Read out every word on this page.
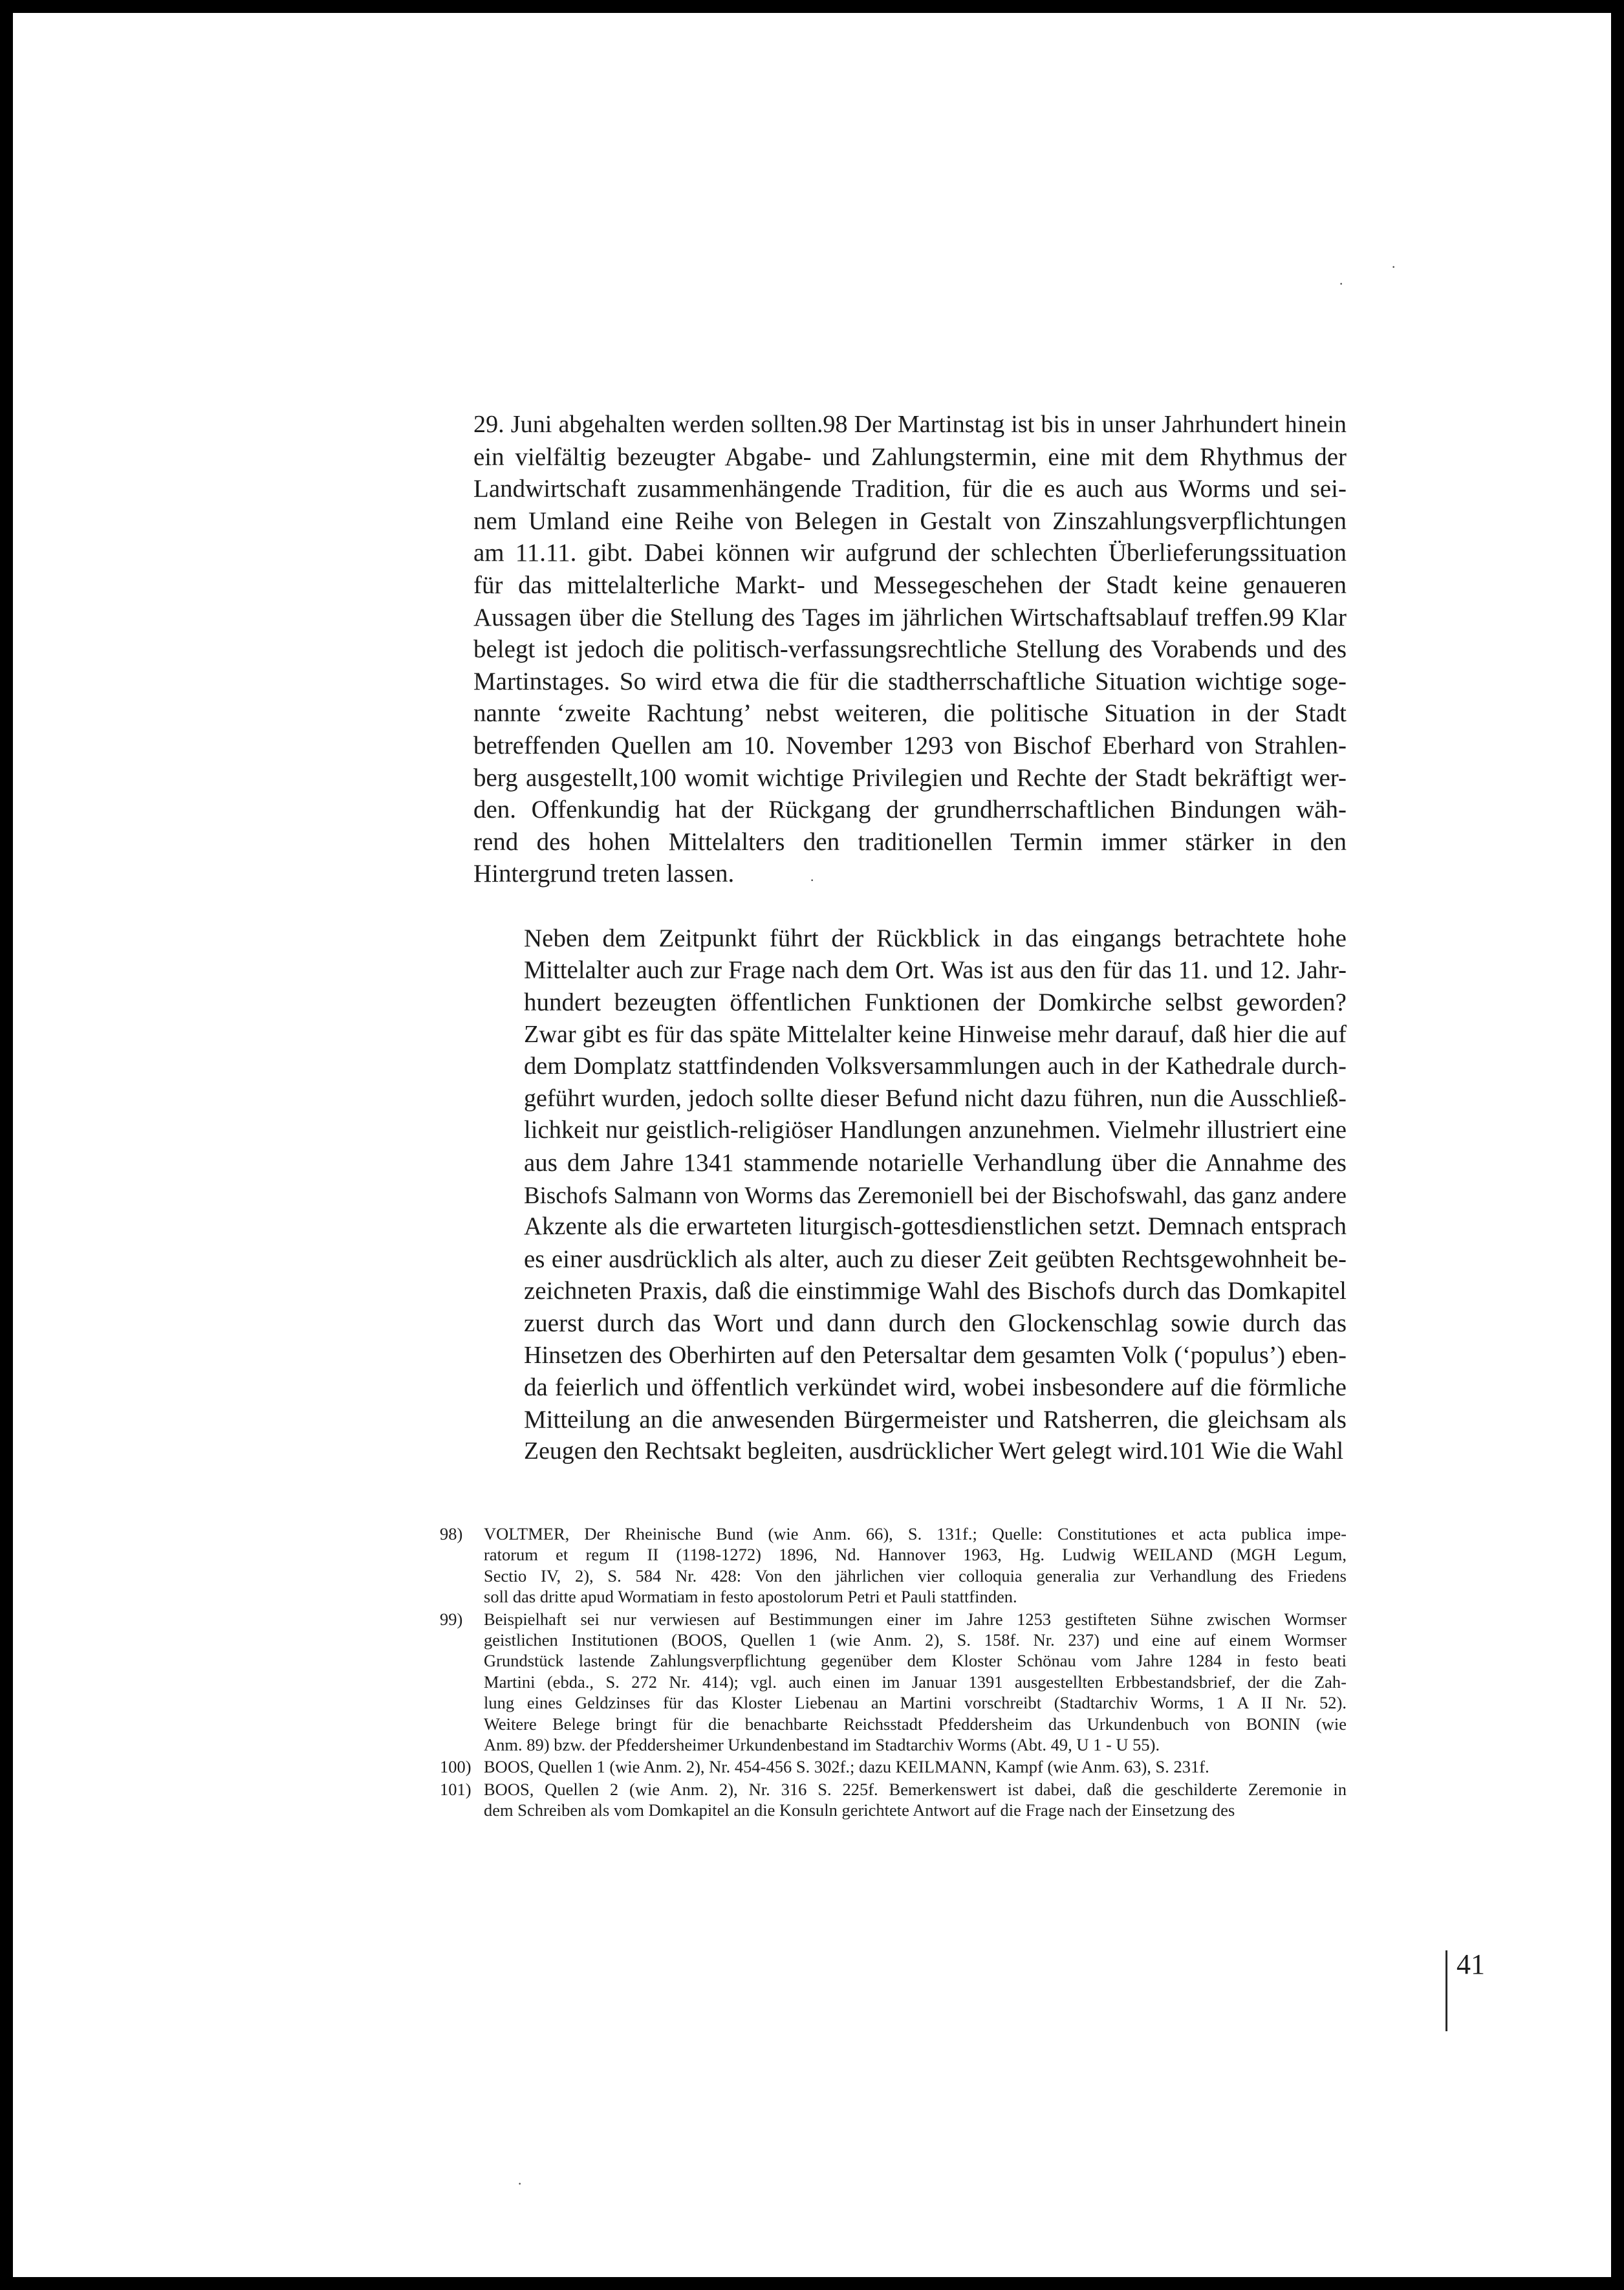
·
·
·
·

29. Juni abgehalten werden sollten.98 Der Martinstag ist bis in unser Jahrhundert hinein
ein vielfältig bezeugter Abgabe- und Zahlungstermin, eine mit dem Rhythmus der
Landwirtschaft zusammenhängende Tradition, für die es auch aus Worms und sei-
nem Umland eine Reihe von Belegen in Gestalt von Zinszahlungsverpflichtungen
am 11.11. gibt. Dabei können wir aufgrund der schlechten Überlieferungssituation
für das mittelalterliche Markt- und Messegeschehen der Stadt keine genaueren
Aussagen über die Stellung des Tages im jährlichen Wirtschaftsablauf treffen.99 Klar
belegt ist jedoch die politisch-verfassungsrechtliche Stellung des Vorabends und des
Martinstages. So wird etwa die für die stadtherrschaftliche Situation wichtige soge-
nannte ‘zweite Rachtung’ nebst weiteren, die politische Situation in der Stadt
betreffenden Quellen am 10. November 1293 von Bischof Eberhard von Strahlen-
berg ausgestellt,100 womit wichtige Privilegien und Rechte der Stadt bekräftigt wer-
den. Offenkundig hat der Rückgang der grundherrschaftlichen Bindungen wäh-
rend des hohen Mittelalters den traditionellen Termin immer stärker in den
Hintergrund treten lassen.

Neben dem Zeitpunkt führt der Rückblick in das eingangs betrachtete hohe
Mittelalter auch zur Frage nach dem Ort. Was ist aus den für das 11. und 12. Jahr-
hundert bezeugten öffentlichen Funktionen der Domkirche selbst geworden?
Zwar gibt es für das späte Mittelalter keine Hinweise mehr darauf, daß hier die auf
dem Domplatz stattfindenden Volksversammlungen auch in der Kathedrale durch-
geführt wurden, jedoch sollte dieser Befund nicht dazu führen, nun die Ausschließ-
lichkeit nur geistlich-religiöser Handlungen anzunehmen. Vielmehr illustriert eine
aus dem Jahre 1341 stammende notarielle Verhandlung über die Annahme des
Bischofs Salmann von Worms das Zeremoniell bei der Bischofswahl, das ganz andere
Akzente als die erwarteten liturgisch-gottesdienstlichen setzt. Demnach entsprach
es einer ausdrücklich als alter, auch zu dieser Zeit geübten Rechtsgewohnheit be-
zeichneten Praxis, daß die einstimmige Wahl des Bischofs durch das Domkapitel
zuerst durch das Wort und dann durch den Glockenschlag sowie durch das
Hinsetzen des Oberhirten auf den Petersaltar dem gesamten Volk (‘populus’) eben-
da feierlich und öffentlich verkündet wird, wobei insbesondere auf die förmliche
Mitteilung an die anwesenden Bürgermeister und Ratsherren, die gleichsam als
Zeugen den Rechtsakt begleiten, ausdrücklicher Wert gelegt wird.101 Wie die Wahl

98)	VOLTMER, Der Rheinische Bund (wie Anm. 66), S. 131f.; Quelle: Constitutiones et acta publica impe-
ratorum et regum II (1198-1272) 1896, Nd. Hannover 1963, Hg. Ludwig WEILAND (MGH Legum,
Sectio IV, 2), S. 584 Nr. 428: Von den jährlichen vier colloquia generalia zur Verhandlung des Friedens
soll das dritte apud Wormatiam in festo apostolorum Petri et Pauli stattfinden.
99)	Beispielhaft sei nur verwiesen auf Bestimmungen einer im Jahre 1253 gestifteten Sühne zwischen Wormser
geistlichen Institutionen (BOOS, Quellen 1 (wie Anm. 2), S. 158f. Nr. 237) und eine auf einem Wormser
Grundstück lastende Zahlungsverpflichtung gegenüber dem Kloster Schönau vom Jahre 1284 in festo beati
Martini (ebda., S. 272 Nr. 414); vgl. auch einen im Januar 1391 ausgestellten Erbbestandsbrief, der die Zah-
lung eines Geldzinses für das Kloster Liebenau an Martini vorschreibt (Stadtarchiv Worms, 1 A II Nr. 52).
Weitere Belege bringt für die benachbarte Reichsstadt Pfeddersheim das Urkundenbuch von BONIN (wie
Anm. 89) bzw. der Pfeddersheimer Urkundenbestand im Stadtarchiv Worms (Abt. 49, U 1 - U 55).
100) BOOS, Quellen 1 (wie Anm. 2), Nr. 454-456 S. 302f.; dazu KEILMANN, Kampf (wie Anm. 63), S. 231f.
101) BOOS, Quellen 2 (wie Anm. 2), Nr. 316 S. 225f. Bemerkenswert ist dabei, daß die geschilderte Zeremonie in
dem Schreiben als vom Domkapitel an die Konsuln gerichtete Antwort auf die Frage nach der Einsetzung des
41
